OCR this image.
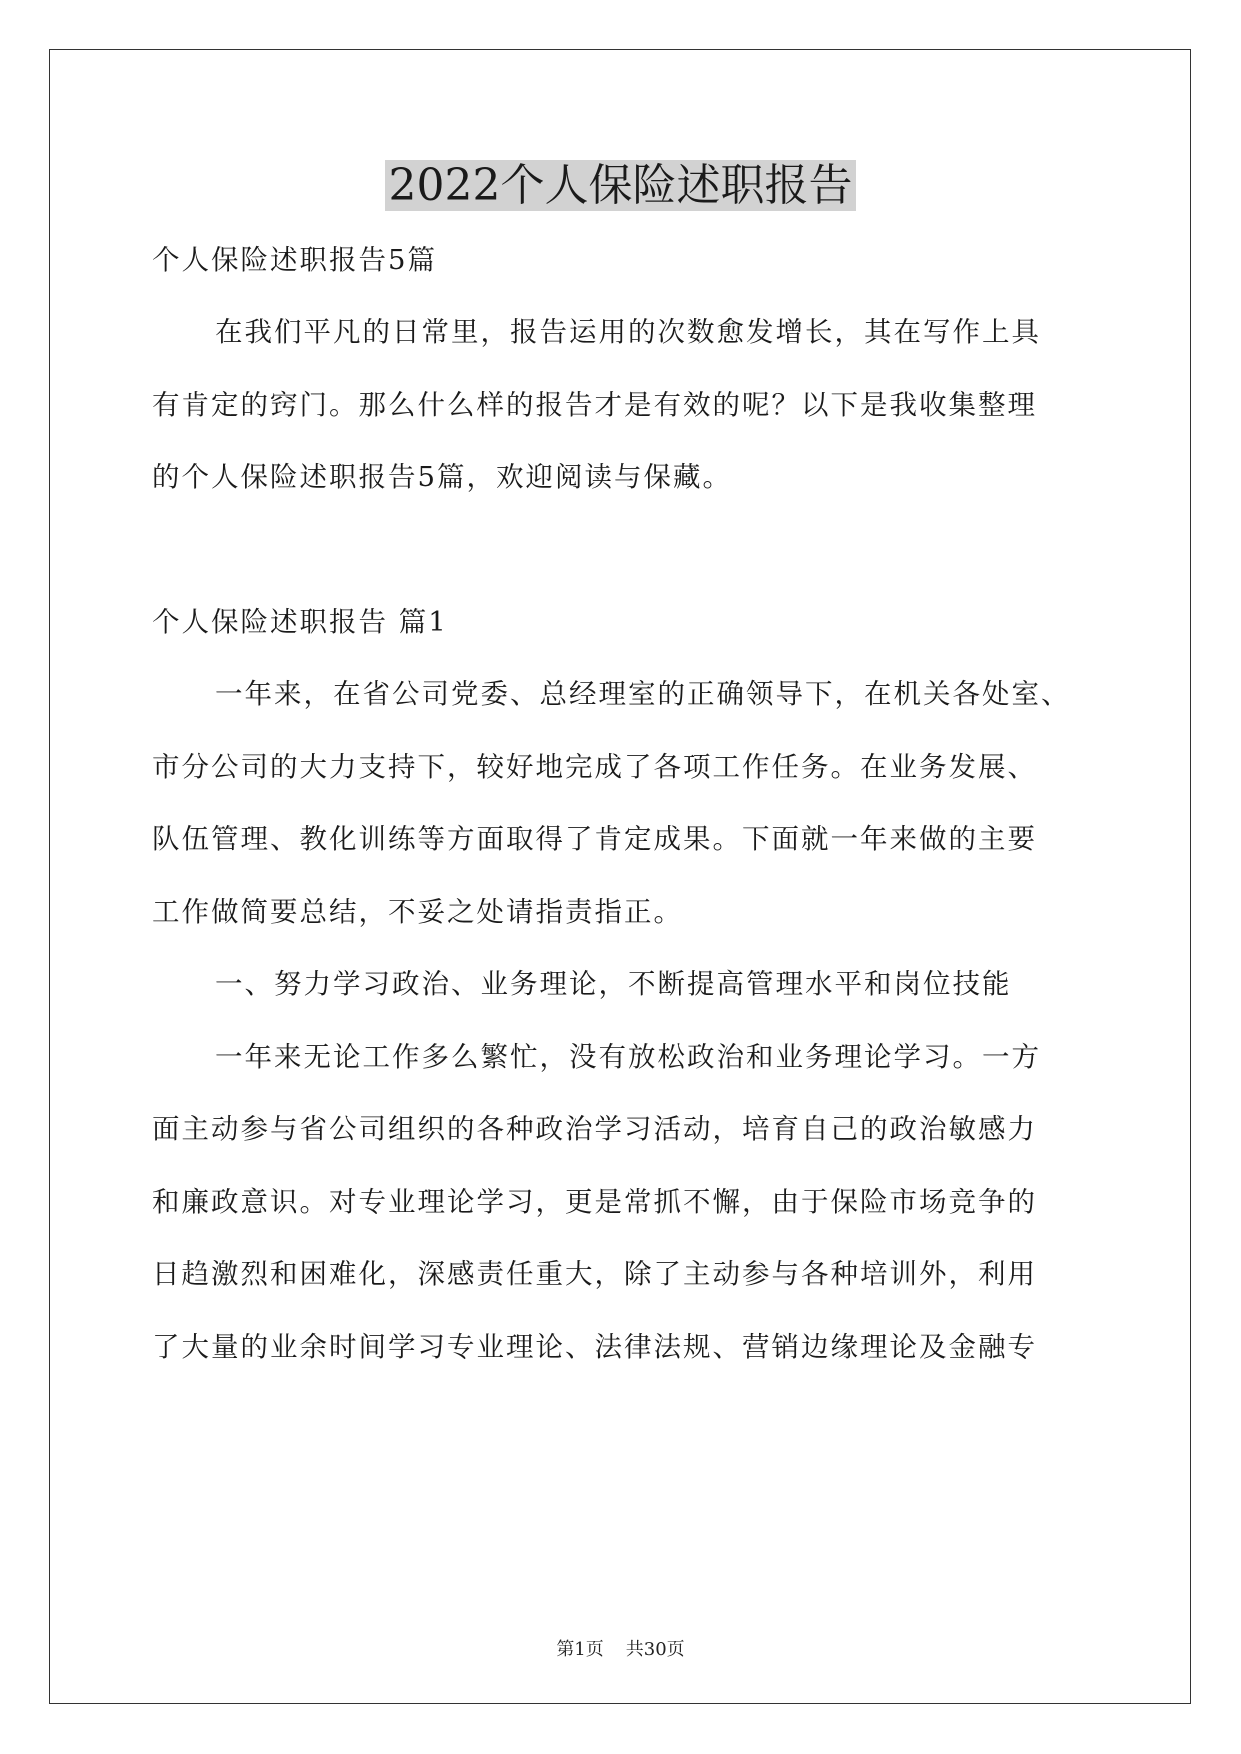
2022个人保险述职报告
个人保险述职报告5篇
在我们平凡的日常里，报告运用的次数愈发增长，其在写作上具
有肯定的窍门。那么什么样的报告才是有效的呢？以下是我收集整理
的个人保险述职报告5篇，欢迎阅读与保藏。
个人保险述职报告 篇1
一年来，在省公司党委、总经理室的正确领导下，在机关各处室、
市分公司的大力支持下，较好地完成了各项工作任务。在业务发展、
队伍管理、教化训练等方面取得了肯定成果。下面就一年来做的主要
工作做简要总结，不妥之处请指责指正。
一、努力学习政治、业务理论，不断提高管理水平和岗位技能
一年来无论工作多么繁忙，没有放松政治和业务理论学习。一方
面主动参与省公司组织的各种政治学习活动，培育自己的政治敏感力
和廉政意识。对专业理论学习，更是常抓不懈，由于保险市场竞争的
日趋激烈和困难化，深感责任重大，除了主动参与各种培训外，利用
了大量的业余时间学习专业理论、法律法规、营销边缘理论及金融专
第1页 共30页
